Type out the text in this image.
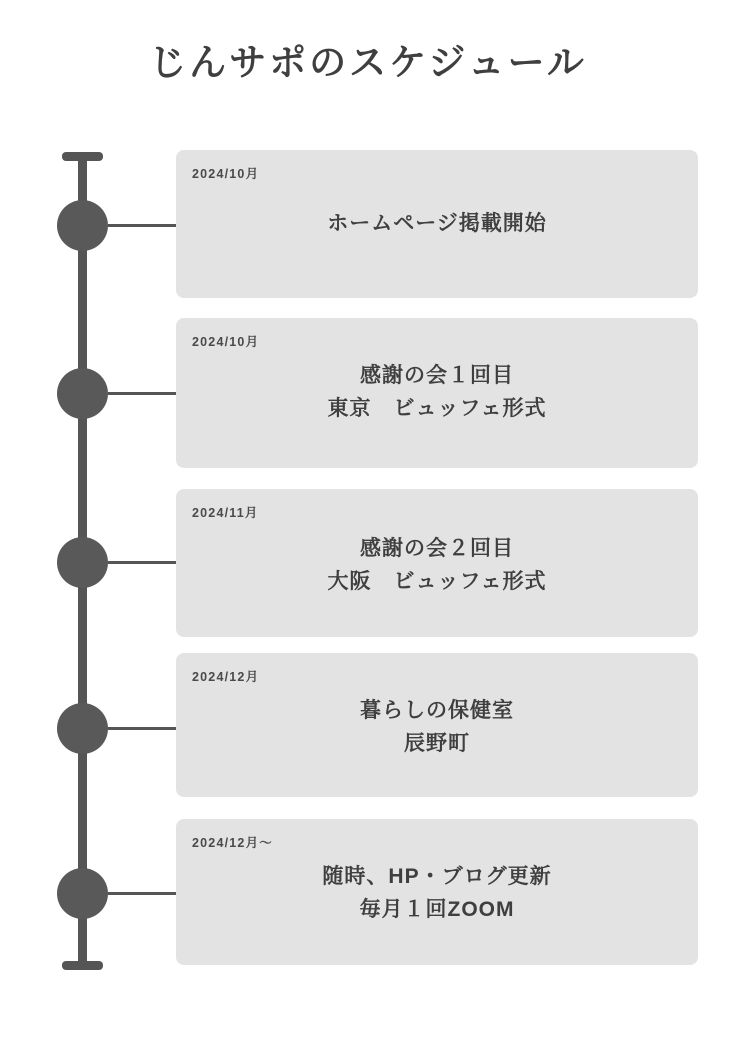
じんサポのスケジュール
2024/10月
ホームページ掲載開始
2024/10月
感謝の会１回目
東京　ビュッフェ形式
2024/11月
感謝の会２回目
大阪　ビュッフェ形式
2024/12月
暮らしの保健室
辰野町
2024/12月〜
随時、HP・ブログ更新
毎月１回ZOOM
